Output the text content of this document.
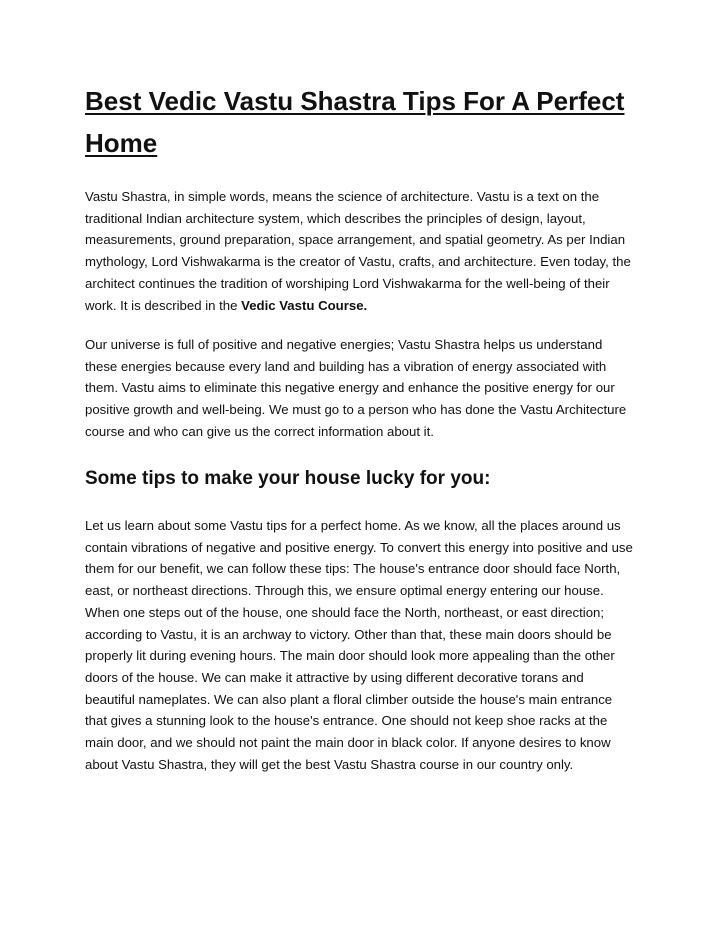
Best Vedic Vastu Shastra Tips For A Perfect Home

Vastu Shastra, in simple words, means the science of architecture. Vastu is a text on the traditional Indian architecture system, which describes the principles of design, layout, measurements, ground preparation, space arrangement, and spatial geometry. As per Indian mythology, Lord Vishwakarma is the creator of Vastu, crafts, and architecture. Even today, the architect continues the tradition of worshiping Lord Vishwakarma for the well-being of their work. It is described in the Vedic Vastu Course.

Our universe is full of positive and negative energies; Vastu Shastra helps us understand these energies because every land and building has a vibration of energy associated with them. Vastu aims to eliminate this negative energy and enhance the positive energy for our positive growth and well-being. We must go to a person who has done the Vastu Architecture course and who can give us the correct information about it.

Some tips to make your house lucky for you:

Let us learn about some Vastu tips for a perfect home. As we know, all the places around us contain vibrations of negative and positive energy. To convert this energy into positive and use them for our benefit, we can follow these tips: The house's entrance door should face North, east, or northeast directions. Through this, we ensure optimal energy entering our house. When one steps out of the house, one should face the North, northeast, or east direction; according to Vastu, it is an archway to victory. Other than that, these main doors should be properly lit during evening hours. The main door should look more appealing than the other doors of the house. We can make it attractive by using different decorative torans and beautiful nameplates. We can also plant a floral climber outside the house's main entrance that gives a stunning look to the house's entrance. One should not keep shoe racks at the main door, and we should not paint the main door in black color. If anyone desires to know about Vastu Shastra, they will get the best Vastu Shastra course in our country only.
